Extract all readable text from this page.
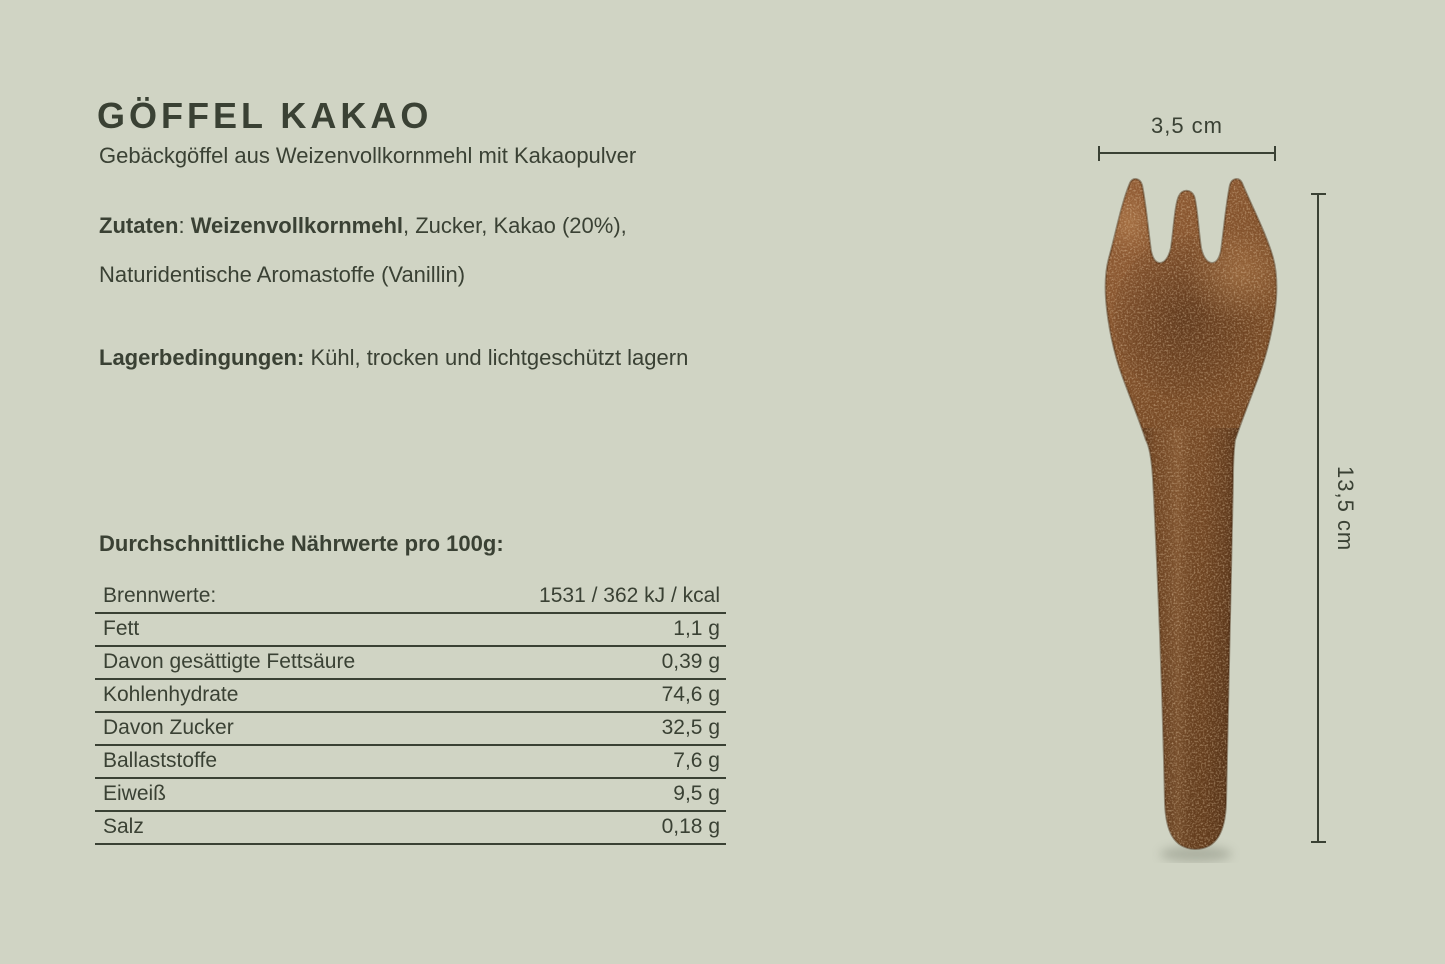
GÖFFEL KAKAO
Gebäckgöffel aus Weizenvollkornmehl mit Kakaopulver

Zutaten: Weizenvollkornmehl, Zucker, Kakao (20%),
Naturidentische Aromastoffe (Vanillin)

Lagerbedingungen: Kühl, trocken und lichtgeschützt lagern

Durchschnittliche Nährwerte pro 100g:
Brennwerte:	1531 / 362 kJ / kcal
Fett	1,1 g
Davon gesättigte Fettsäure	0,39 g
Kohlenhydrate	74,6 g
Davon Zucker	32,5 g
Ballaststoffe	7,6 g
Eiweiß	9,5 g
Salz	0,18 g
3,5 cm
13,5 cm
